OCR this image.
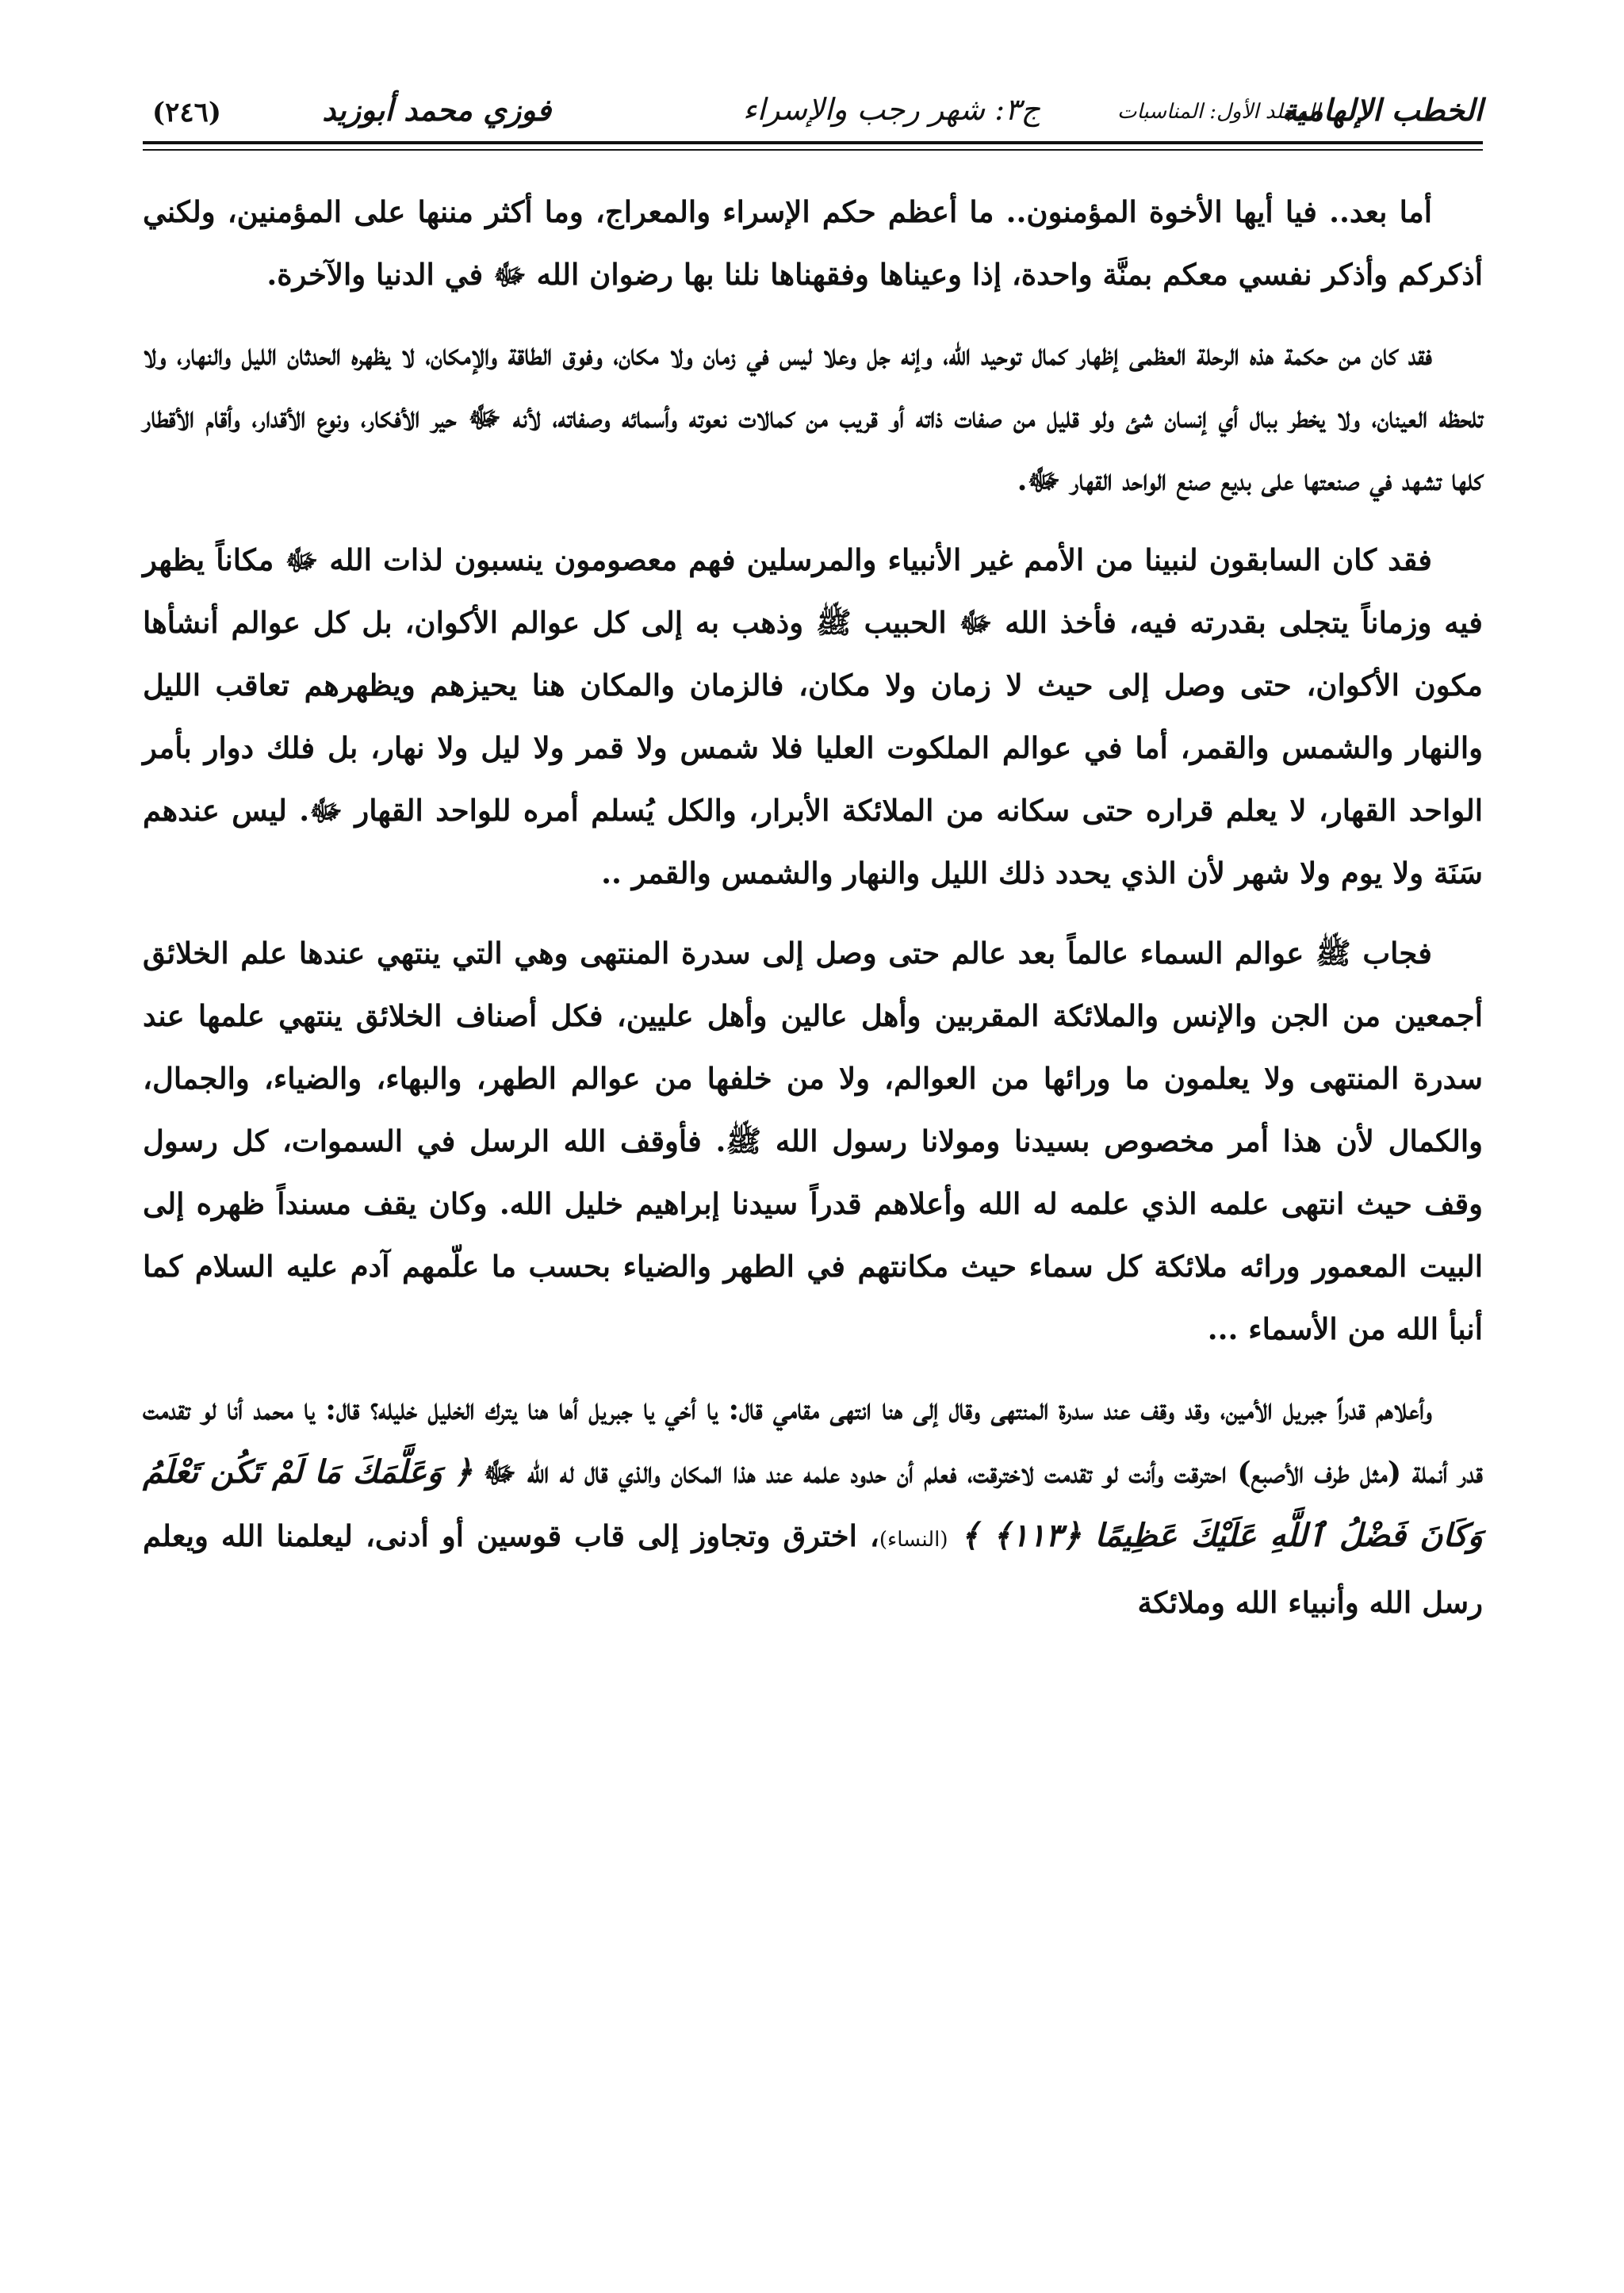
الخطب الإلهامية
المجلد الأول: المناسبات
ج٣: شهر رجب والإسراء
فوزي محمد أبوزيد
(٢٤٦)

أما بعد.. فيا أيها الأخوة المؤمنون.. ما أعظم حكم الإسراء والمعراج، وما أكثر مننها على المؤمنين، ولكني أذكركم وأذكر نفسي معكم بمنَّة واحدة، إذا وعيناها وفقهناها نلنا بها رضوان الله ﷻ في الدنيا والآخرة.

فقد كان من حكمة هذه الرحلة العظمى إظهار كمال توحيد الله، وإنه جل وعلا ليس في زمان ولا مكان، وفوق الطاقة والإمكان، لا يظهره الحدثان الليل والنهار، ولا تلحظه العينان، ولا يخطر ببال أي إنسان شئ ولو قليل من صفات ذاته أو قريب من كمالات نعوته وأسمائه وصفاته، لأنه ﷻ حير الأفكار، ونوع الأقدار، وأقام الأقطار كلها تشهد في صنعتها على بديع صنع الواحد القهار ﷻ.

فقد كان السابقون لنبينا من الأمم غير الأنبياء والمرسلين فهم معصومون ينسبون لذات الله ﷻ مكاناً يظهر فيه وزماناً يتجلى بقدرته فيه، فأخذ الله ﷻ الحبيب ﷺ وذهب به إلى كل عوالم الأكوان، بل كل عوالم أنشأها مكون الأكوان، حتى وصل إلى حيث لا زمان ولا مكان، فالزمان والمكان هنا يحيزهم ويظهرهم تعاقب الليل والنهار والشمس والقمر، أما في عوالم الملكوت العليا فلا شمس ولا قمر ولا ليل ولا نهار، بل فلك دوار بأمر الواحد القهار، لا يعلم قراره حتى سكانه من الملائكة الأبرار، والكل يُسلم أمره للواحد القهار ﷻ. ليس عندهم سَنَة ولا يوم ولا شهر لأن الذي يحدد ذلك الليل والنهار والشمس والقمر ..

فجاب ﷺ عوالم السماء عالماً بعد عالم حتى وصل إلى سدرة المنتهى وهي التي ينتهي عندها علم الخلائق أجمعين من الجن والإنس والملائكة المقربين وأهل عالين وأهل عليين، فكل أصناف الخلائق ينتهي علمها عند سدرة المنتهى ولا يعلمون ما ورائها من العوالم، ولا من خلفها من عوالم الطهر، والبهاء، والضياء، والجمال، والكمال لأن هذا أمر مخصوص بسيدنا ومولانا رسول الله ﷺ. فأوقف الله الرسل في السموات، كل رسول وقف حيث انتهى علمه الذي علمه له الله وأعلاهم قدراً سيدنا إبراهيم خليل الله. وكان يقف مسنداً ظهره إلى البيت المعمور ورائه ملائكة كل سماء حيث مكانتهم في الطهر والضياء بحسب ما علّمهم آدم عليه السلام كما أنبأ الله من الأسماء ...

وأعلاهم قدراً جبريل الأمين، وقد وقف عند سدرة المنتهى وقال إلى هنا انتهى مقامي قال: يا أخي يا جبريل أها هنا يترك الخليل خليله؟ قال: يا محمد أنا لو تقدمت قدر أنملة (مثل طرف الأصبع) احترقت وأنت لو تقدمت لاخترقت، فعلم أن حدود علمه عند هذا المكان والذي قال له الله ﷻ ﴿ وَعَلَّمَكَ مَا لَمْ تَكُن تَعْلَمُ وَكَانَ فَضْلُ ٱللَّهِ عَلَيْكَ عَظِيمًا ﴿١١٣﴾ ﴾ (النساء)، اخترق وتجاوز إلى قاب قوسين أو أدنى، ليعلمنا الله ويعلم رسل الله وأنبياء الله وملائكة
